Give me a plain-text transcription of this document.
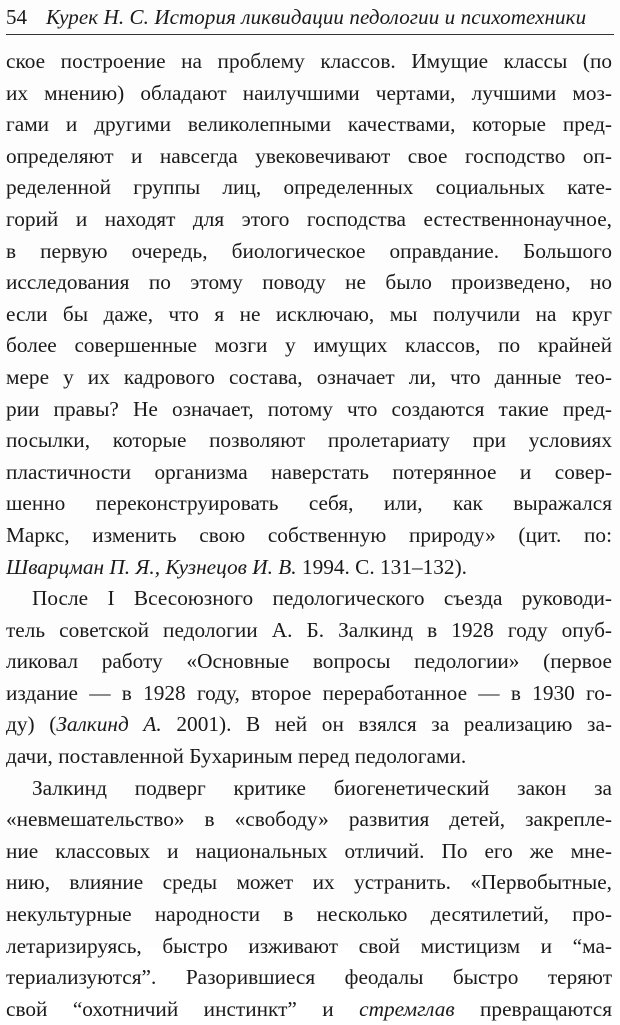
54 Курек Н. С. История ликвидации педологии и психотехники
ское построение на проблему классов. Имущие классы (по
их мнению) обладают наилучшими чертами, лучшими моз-
гами и другими великолепными качествами, которые пред-
определяют и навсегда увековечивают свое господство оп-
ределенной группы лиц, определенных социальных кате-
горий и находят для этого господства естественнонаучное,
в первую очередь, биологическое оправдание. Большого
исследования по этому поводу не было произведено, но
если бы даже, что я не исключаю, мы получили на круг
более совершенные мозги у имущих классов, по крайней
мере у их кадрового состава, означает ли, что данные тео-
рии правы? Не означает, потому что создаются такие пред-
посылки, которые позволяют пролетариату при условиях
пластичности организма наверстать потерянное и совер-
шенно переконструировать себя, или, как выражался
Маркс, изменить свою собственную природу» (цит. по:
Шварцман П. Я., Кузнецов И. В. 1994. С. 131–132).
После I Всесоюзного педологического съезда руководи-
тель советской педологии А. Б. Залкинд в 1928 году опуб-
ликовал работу «Основные вопросы педологии» (первое
издание — в 1928 году, второе переработанное — в 1930 го-
ду) (Залкинд А. 2001). В ней он взялся за реализацию за-
дачи, поставленной Бухариным перед педологами.
Залкинд подверг критике биогенетический закон за
«невмешательство» в «свободу» развития детей, закрепле-
ние классовых и национальных отличий. По его же мне-
нию, влияние среды может их устранить. «Первобытные,
некультурные народности в несколько десятилетий, про-
летаризируясь, быстро изживают свой мистицизм и “ма-
териализуются”. Разорившиеся феодалы быстро теряют
свой “охотничий инстинкт” и стремглав превращаются
